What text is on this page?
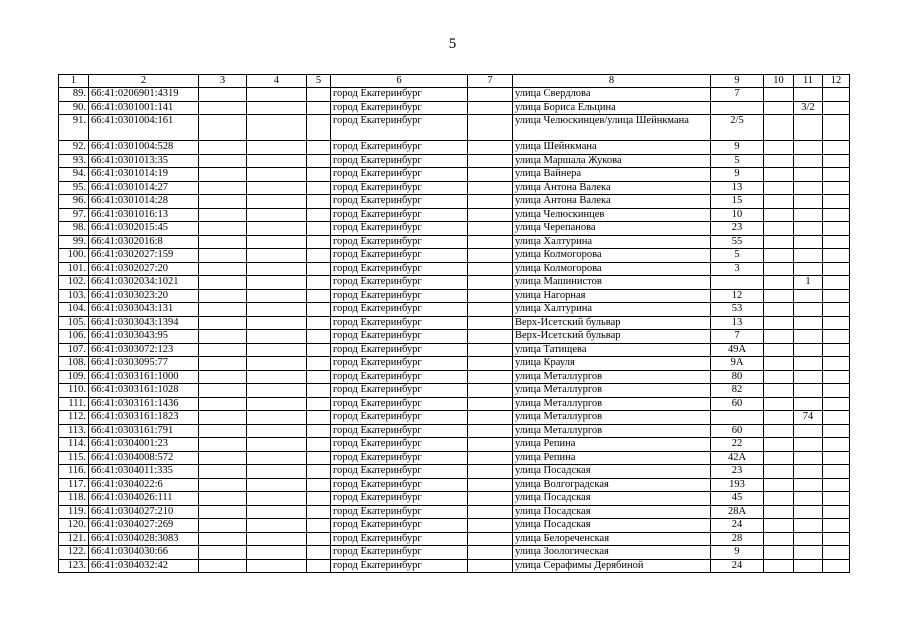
5
1	2	3	4	5	6	7	8	9	10	11	12
89.	66:41:0206901:4319				город Екатеринбург		улица Свердлова	7			
90.	66:41:0301001:141				город Екатеринбург		улица Бориса Ельцина			3/2	
91.	66:41:0301004:161				город Екатеринбург		улица Челюскинцев/улица Шейнкмана	2/5			
92.	66:41:0301004:528				город Екатеринбург		улица Шейнкмана	9			
93.	66:41:0301013:35				город Екатеринбург		улица Маршала Жукова	5			
94.	66:41:0301014:19				город Екатеринбург		улица Вайнера	9			
95.	66:41:0301014:27				город Екатеринбург		улица Антона Валека	13			
96.	66:41:0301014:28				город Екатеринбург		улица Антона Валека	15			
97.	66:41:0301016:13				город Екатеринбург		улица Челюскинцев	10			
98.	66:41:0302015:45				город Екатеринбург		улица Черепанова	23			
99.	66:41:0302016:8				город Екатеринбург		улица Халтурина	55			
100.	66:41:0302027:159				город Екатеринбург		улица Колмогорова	5			
101.	66:41:0302027:20				город Екатеринбург		улица Колмогорова	3			
102.	66:41:0302034:1021				город Екатеринбург		улица Машинистов			1	
103.	66:41:0303023:20				город Екатеринбург		улица Нагорная	12			
104.	66:41:0303043:131				город Екатеринбург		улица Халтурина	53			
105.	66:41:0303043:1394				город Екатеринбург		Верх-Исетский бульвар	13			
106.	66:41:0303043:95				город Екатеринбург		Верх-Исетский бульвар	7			
107.	66:41:0303072:123				город Екатеринбург		улица Татищева	49А			
108.	66:41:0303095:77				город Екатеринбург		улица Крауля	9А			
109.	66:41:0303161:1000				город Екатеринбург		улица Металлургов	80			
110.	66:41:0303161:1028				город Екатеринбург		улица Металлургов	82			
111.	66:41:0303161:1436				город Екатеринбург		улица Металлургов	60			
112.	66:41:0303161:1823				город Екатеринбург		улица Металлургов			74	
113.	66:41:0303161:791				город Екатеринбург		улица Металлургов	60			
114.	66:41:0304001:23				город Екатеринбург		улица Репина	22			
115.	66:41:0304008:572				город Екатеринбург		улица Репина	42А			
116.	66:41:0304011:335				город Екатеринбург		улица Посадская	23			
117.	66:41:0304022:6				город Екатеринбург		улица Волгоградская	193			
118.	66:41:0304026:111				город Екатеринбург		улица Посадская	45			
119.	66:41:0304027:210				город Екатеринбург		улица Посадская	28А			
120.	66:41:0304027:269				город Екатеринбург		улица Посадская	24			
121.	66:41:0304028:3083				город Екатеринбург		улица Белореченская	28			
122.	66:41:0304030:66				город Екатеринбург		улица Зоологическая	9			
123.	66:41:0304032:42				город Екатеринбург		улица Серафимы Дерябиной	24			
